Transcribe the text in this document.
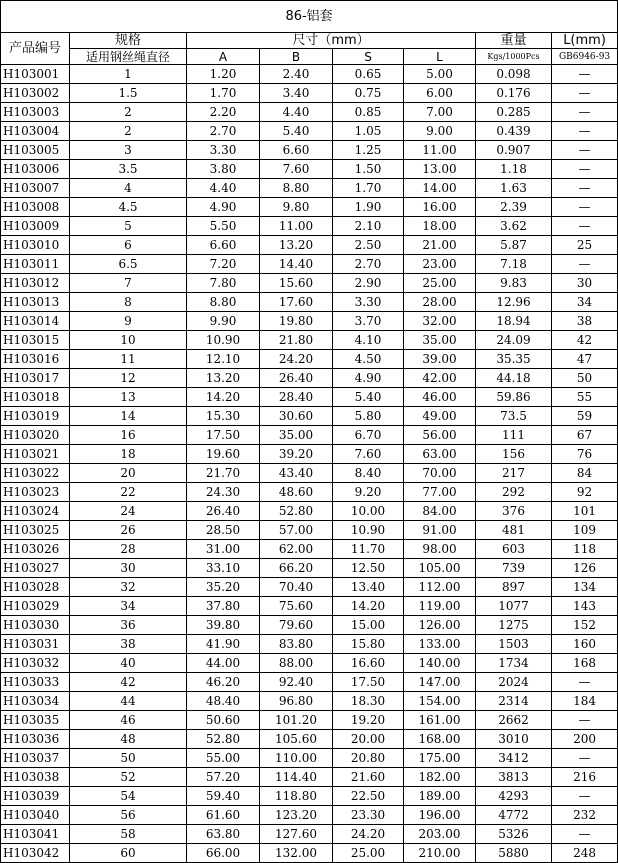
86-铝套							
产品编号	规格	尺寸（mm）				重量	L(mm)
	适用钢丝绳直径	A	B	S	L	Kgs/1000Pcs	GB6946-93
H103001	1	1.20	2.40	0.65	5.00	0.098	—
H103002	1.5	1.70	3.40	0.75	6.00	0.176	—
H103003	2	2.20	4.40	0.85	7.00	0.285	—
H103004	2	2.70	5.40	1.05	9.00	0.439	—
H103005	3	3.30	6.60	1.25	11.00	0.907	—
H103006	3.5	3.80	7.60	1.50	13.00	1.18	—
H103007	4	4.40	8.80	1.70	14.00	1.63	—
H103008	4.5	4.90	9.80	1.90	16.00	2.39	—
H103009	5	5.50	11.00	2.10	18.00	3.62	—
H103010	6	6.60	13.20	2.50	21.00	5.87	25
H103011	6.5	7.20	14.40	2.70	23.00	7.18	—
H103012	7	7.80	15.60	2.90	25.00	9.83	30
H103013	8	8.80	17.60	3.30	28.00	12.96	34
H103014	9	9.90	19.80	3.70	32.00	18.94	38
H103015	10	10.90	21.80	4.10	35.00	24.09	42
H103016	11	12.10	24.20	4.50	39.00	35.35	47
H103017	12	13.20	26.40	4.90	42.00	44.18	50
H103018	13	14.20	28.40	5.40	46.00	59.86	55
H103019	14	15.30	30.60	5.80	49.00	73.5	59
H103020	16	17.50	35.00	6.70	56.00	111	67
H103021	18	19.60	39.20	7.60	63.00	156	76
H103022	20	21.70	43.40	8.40	70.00	217	84
H103023	22	24.30	48.60	9.20	77.00	292	92
H103024	24	26.40	52.80	10.00	84.00	376	101
H103025	26	28.50	57.00	10.90	91.00	481	109
H103026	28	31.00	62.00	11.70	98.00	603	118
H103027	30	33.10	66.20	12.50	105.00	739	126
H103028	32	35.20	70.40	13.40	112.00	897	134
H103029	34	37.80	75.60	14.20	119.00	1077	143
H103030	36	39.80	79.60	15.00	126.00	1275	152
H103031	38	41.90	83.80	15.80	133.00	1503	160
H103032	40	44.00	88.00	16.60	140.00	1734	168
H103033	42	46.20	92.40	17.50	147.00	2024	—
H103034	44	48.40	96.80	18.30	154.00	2314	184
H103035	46	50.60	101.20	19.20	161.00	2662	—
H103036	48	52.80	105.60	20.00	168.00	3010	200
H103037	50	55.00	110.00	20.80	175.00	3412	—
H103038	52	57.20	114.40	21.60	182.00	3813	216
H103039	54	59.40	118.80	22.50	189.00	4293	—
H103040	56	61.60	123.20	23.30	196.00	4772	232
H103041	58	63.80	127.60	24.20	203.00	5326	—
H103042	60	66.00	132.00	25.00	210.00	5880	248
